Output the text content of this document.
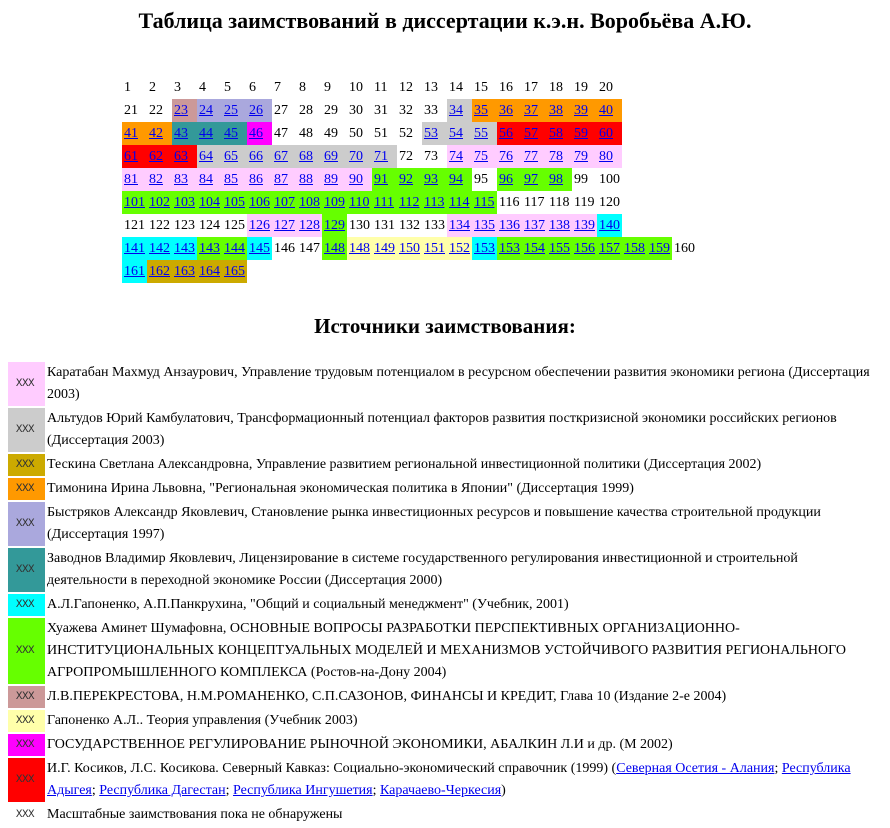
Таблица заимствований в диссертации к.э.н. Воробьёва А.Ю.
1	2	3	4	5	6	7	8	9	10	11	12	13	14	15	16	17	18	19	20			
21	22	23	24	25	26	27	28	29	30	31	32	33	34	35	36	37	38	39	40			
41	42	43	44	45	46	47	48	49	50	51	52	53	54	55	56	57	58	59	60			
61	62	63	64	65	66	67	68	69	70	71	72	73	74	75	76	77	78	79	80			
81	82	83	84	85	86	87	88	89	90	91	92	93	94	95	96	97	98	99	100			
101	102	103	104	105	106	107	108	109	110	111	112	113	114	115	116	117	118	119	120			
121	122	123	124	125	126	127	128	129	130	131	132	133	134	135	136	137	138	139	140			
141	142	143	143	144	145	146	147	148	148	149	150	151	152	153	153	154	155	156	157	158	159	160
161	162	163	164	165																		
Источники заимствования:
XXX	Каратабан Махмуд Анзаурович, Управление трудовым потенциалом в ресурсном обеспечении развития экономики региона (Диссертация 2003)
XXX	Альтудов Юрий Камбулатович, Трансформационный потенциал факторов развития посткризисной экономики российских регионов (Диссертация 2003)
XXX	Тескина Светлана Александровна, Управление развитием региональной инвестиционной политики (Диссертация 2002)
XXX	Тимонина Ирина Львовна, "Региональная экономическая политика в Японии" (Диссертация 1999)
XXX	Быстряков Александр Яковлевич, Становление рынка инвестиционных ресурсов и повышение качества строительной продукции (Диссертация 1997)
XXX	Заводнов Владимир Яковлевич, Лицензирование в системе государственного регулирования инвестиционной и строительной деятельности в переходной экономике России (Диссертация 2000)
XXX	А.Л.Гапоненко, А.П.Панкрухина, "Общий и социальный менеджмент" (Учебник, 2001)
XXX	Хуажева Аминет Шумафовна, ОСНОВНЫЕ ВОПРОСЫ РАЗРАБОТКИ ПЕРСПЕКТИВНЫХ ОРГАНИЗАЦИОННО-ИНСТИТУЦИОНАЛЬНЫХ КОНЦЕПТУАЛЬНЫХ МОДЕЛЕЙ И МЕХАНИЗМОВ УСТОЙЧИВОГО РАЗВИТИЯ РЕГИОНАЛЬНОГО АГРОПРОМЫШЛЕННОГО КОМПЛЕКСА (Ростов-на-Дону 2004)
XXX	Л.В.ПЕРЕКРЕСТОВА, Н.М.РОМАНЕНКО, С.П.САЗОНОВ, ФИНАНСЫ И КРЕДИТ, Глава 10 (Издание 2-е 2004)
XXX	Гапоненко А.Л.. Теория управления (Учебник 2003)
XXX	ГОСУДАРСТВЕННОЕ РЕГУЛИРОВАНИЕ РЫНОЧНОЙ ЭКОНОМИКИ, АБАЛКИН Л.И и др. (М 2002)
XXX	И.Г. Косиков, Л.С. Косикова. Северный Кавказ: Социально-экономический справочник (1999) (Северная Осетия - Алания; Республика Адыгея; Республика Дагестан; Республика Ингушетия; Карачаево-Черкесия)
XXX	Масштабные заимствования пока не обнаружены
